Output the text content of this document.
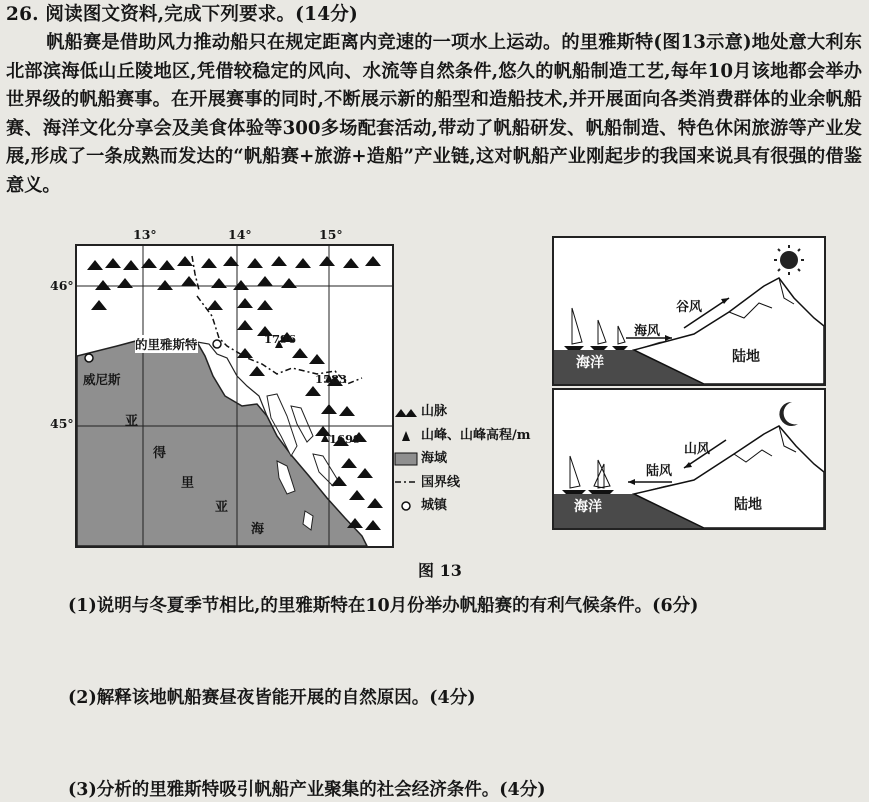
26. 阅读图文资料,完成下列要求。(14分)
帆船赛是借助风力推动船只在规定距离内竞速的一项水上运动。的里雅斯特(图13示意)地处意大利东北部滨海低山丘陵地区,凭借较稳定的风向、水流等自然条件,悠久的帆船制造工艺,每年10月该地都会举办世界级的帆船赛事。在开展赛事的同时,不断展示新的船型和造船技术,并开展面向各类消费群体的业余帆船赛、海洋文化分享会及美食体验等300多场配套活动,带动了帆船研发、帆船制造、特色休闲旅游等产业发展,形成了一条成熟而发达的“帆船赛+旅游+造船”产业链,这对帆船产业刚起步的我国来说具有很强的借鉴意义。
13°	14°	15°
46°
45°
的里雅斯特
威尼斯
1796
1583
1699
亚
得
里
亚
海
山脉
山峰、山峰高程/m
海域
国界线
城镇
海洋	陆地
海风
谷风
海洋	陆地
陆风
山风
图 13
(1)说明与冬夏季节相比,的里雅斯特在10月份举办帆船赛的有利气候条件。(6分)
(2)解释该地帆船赛昼夜皆能开展的自然原因。(4分)
(3)分析的里雅斯特吸引帆船产业聚集的社会经济条件。(4分)
